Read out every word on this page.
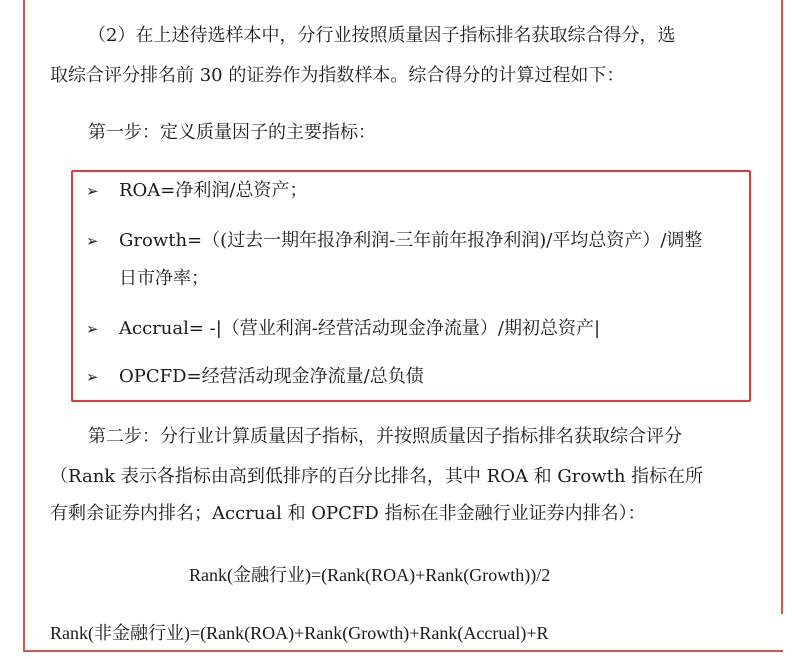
（2）在上述待选样本中，分行业按照质量因子指标排名获取综合得分，选
取综合评分排名前 30 的证券作为指数样本。综合得分的计算过程如下：
第一步：定义质量因子的主要指标：
➢ ROA=净利润/总资产；
➢ Growth=（(过去一期年报净利润-三年前年报净利润)/平均总资产）/调整
日市净率；
➢ Accrual= -|（营业利润-经营活动现金净流量）/期初总资产|
➢ OPCFD=经营活动现金净流量/总负债
第二步：分行业计算质量因子指标，并按照质量因子指标排名获取综合评分
（Rank 表示各指标由高到低排序的百分比排名，其中 ROA 和 Growth 指标在所
有剩余证券内排名；Accrual 和 OPCFD 指标在非金融行业证券内排名）：
Rank(金融行业)=(Rank(ROA)+Rank(Growth))/2
Rank(非金融行业)=(Rank(ROA)+Rank(Growth)+Rank(Accrual)+R
